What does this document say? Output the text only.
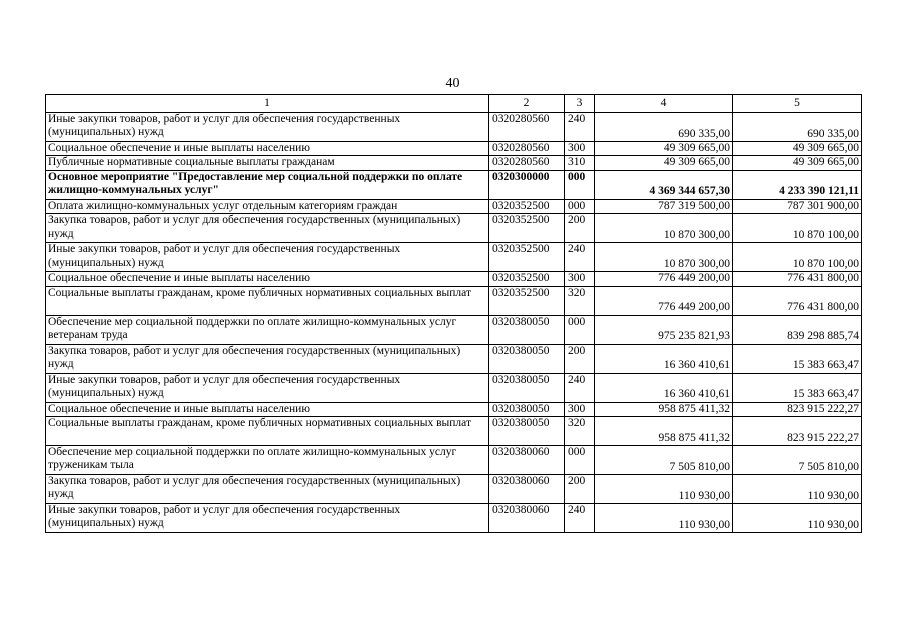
40
1	2	3	4	5
Иные закупки товаров, работ и услуг для обеспечения государственных (муниципальных) нужд	0320280560	240	690 335,00	690 335,00
Социальное обеспечение и иные выплаты населению	0320280560	300	49 309 665,00	49 309 665,00
Публичные нормативные социальные выплаты гражданам	0320280560	310	49 309 665,00	49 309 665,00
Основное мероприятие "Предоставление мер социальной поддержки по оплате жилищно-коммунальных услуг"	0320300000	000	4 369 344 657,30	4 233 390 121,11
Оплата жилищно-коммунальных услуг отдельным категориям граждан	0320352500	000	787 319 500,00	787 301 900,00
Закупка товаров, работ и услуг для обеспечения государственных (муниципальных) нужд	0320352500	200	10 870 300,00	10 870 100,00
Иные закупки товаров, работ и услуг для обеспечения государственных (муниципальных) нужд	0320352500	240	10 870 300,00	10 870 100,00
Социальное обеспечение и иные выплаты населению	0320352500	300	776 449 200,00	776 431 800,00
Социальные выплаты гражданам, кроме публичных нормативных социальных выплат	0320352500	320	776 449 200,00	776 431 800,00
Обеспечение мер социальной поддержки по оплате жилищно-коммунальных услуг ветеранам труда	0320380050	000	975 235 821,93	839 298 885,74
Закупка товаров, работ и услуг для обеспечения государственных (муниципальных) нужд	0320380050	200	16 360 410,61	15 383 663,47
Иные закупки товаров, работ и услуг для обеспечения государственных (муниципальных) нужд	0320380050	240	16 360 410,61	15 383 663,47
Социальное обеспечение и иные выплаты населению	0320380050	300	958 875 411,32	823 915 222,27
Социальные выплаты гражданам, кроме публичных нормативных социальных выплат	0320380050	320	958 875 411,32	823 915 222,27
Обеспечение мер социальной поддержки по оплате жилищно-коммунальных услуг труженикам тыла	0320380060	000	7 505 810,00	7 505 810,00
Закупка товаров, работ и услуг для обеспечения государственных (муниципальных) нужд	0320380060	200	110 930,00	110 930,00
Иные закупки товаров, работ и услуг для обеспечения государственных (муниципальных) нужд	0320380060	240	110 930,00	110 930,00
